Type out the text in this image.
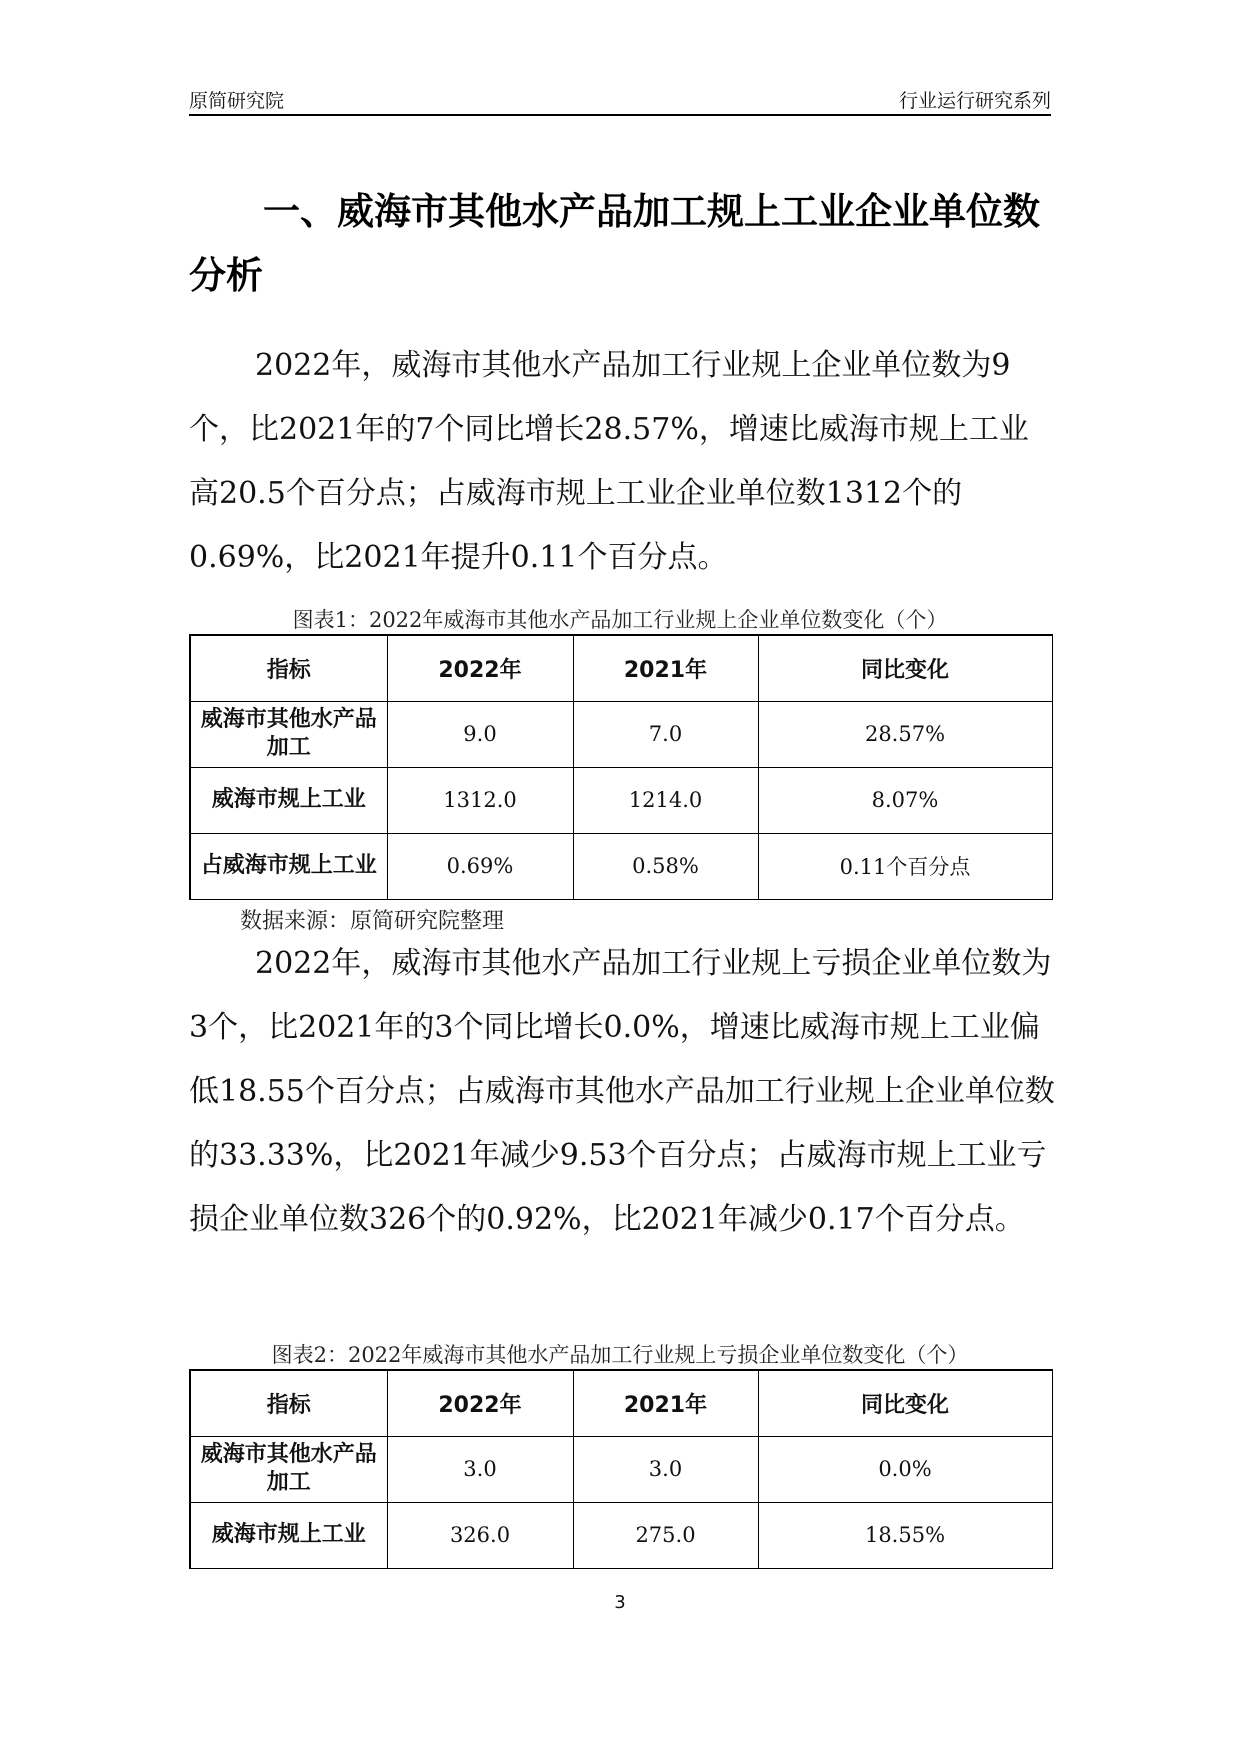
原简研究院	行业运行研究系列
一、威海市其他水产品加工规上工业企业单位数分析

2022年，威海市其他水产品加工行业规上企业单位数为9个，比2021年的7个同比增长28.57%，增速比威海市规上工业高20.5个百分点；占威海市规上工业企业单位数1312个的0.69%，比2021年提升0.11个百分点。

图表1：2022年威海市其他水产品加工行业规上企业单位数变化（个）
指标	2022年	2021年	同比变化
威海市其他水产品加工	9.0	7.0	28.57%
威海市规上工业	1312.0	1214.0	8.07%
占威海市规上工业	0.69%	0.58%	0.11个百分点
数据来源：原简研究院整理

2022年，威海市其他水产品加工行业规上亏损企业单位数为3个，比2021年的3个同比增长0.0%，增速比威海市规上工业偏低18.55个百分点；占威海市其他水产品加工行业规上企业单位数的33.33%，比2021年减少9.53个百分点；占威海市规上工业亏损企业单位数326个的0.92%，比2021年减少0.17个百分点。

图表2：2022年威海市其他水产品加工行业规上亏损企业单位数变化（个）
指标	2022年	2021年	同比变化
威海市其他水产品加工	3.0	3.0	0.0%
威海市规上工业	326.0	275.0	18.55%
3
